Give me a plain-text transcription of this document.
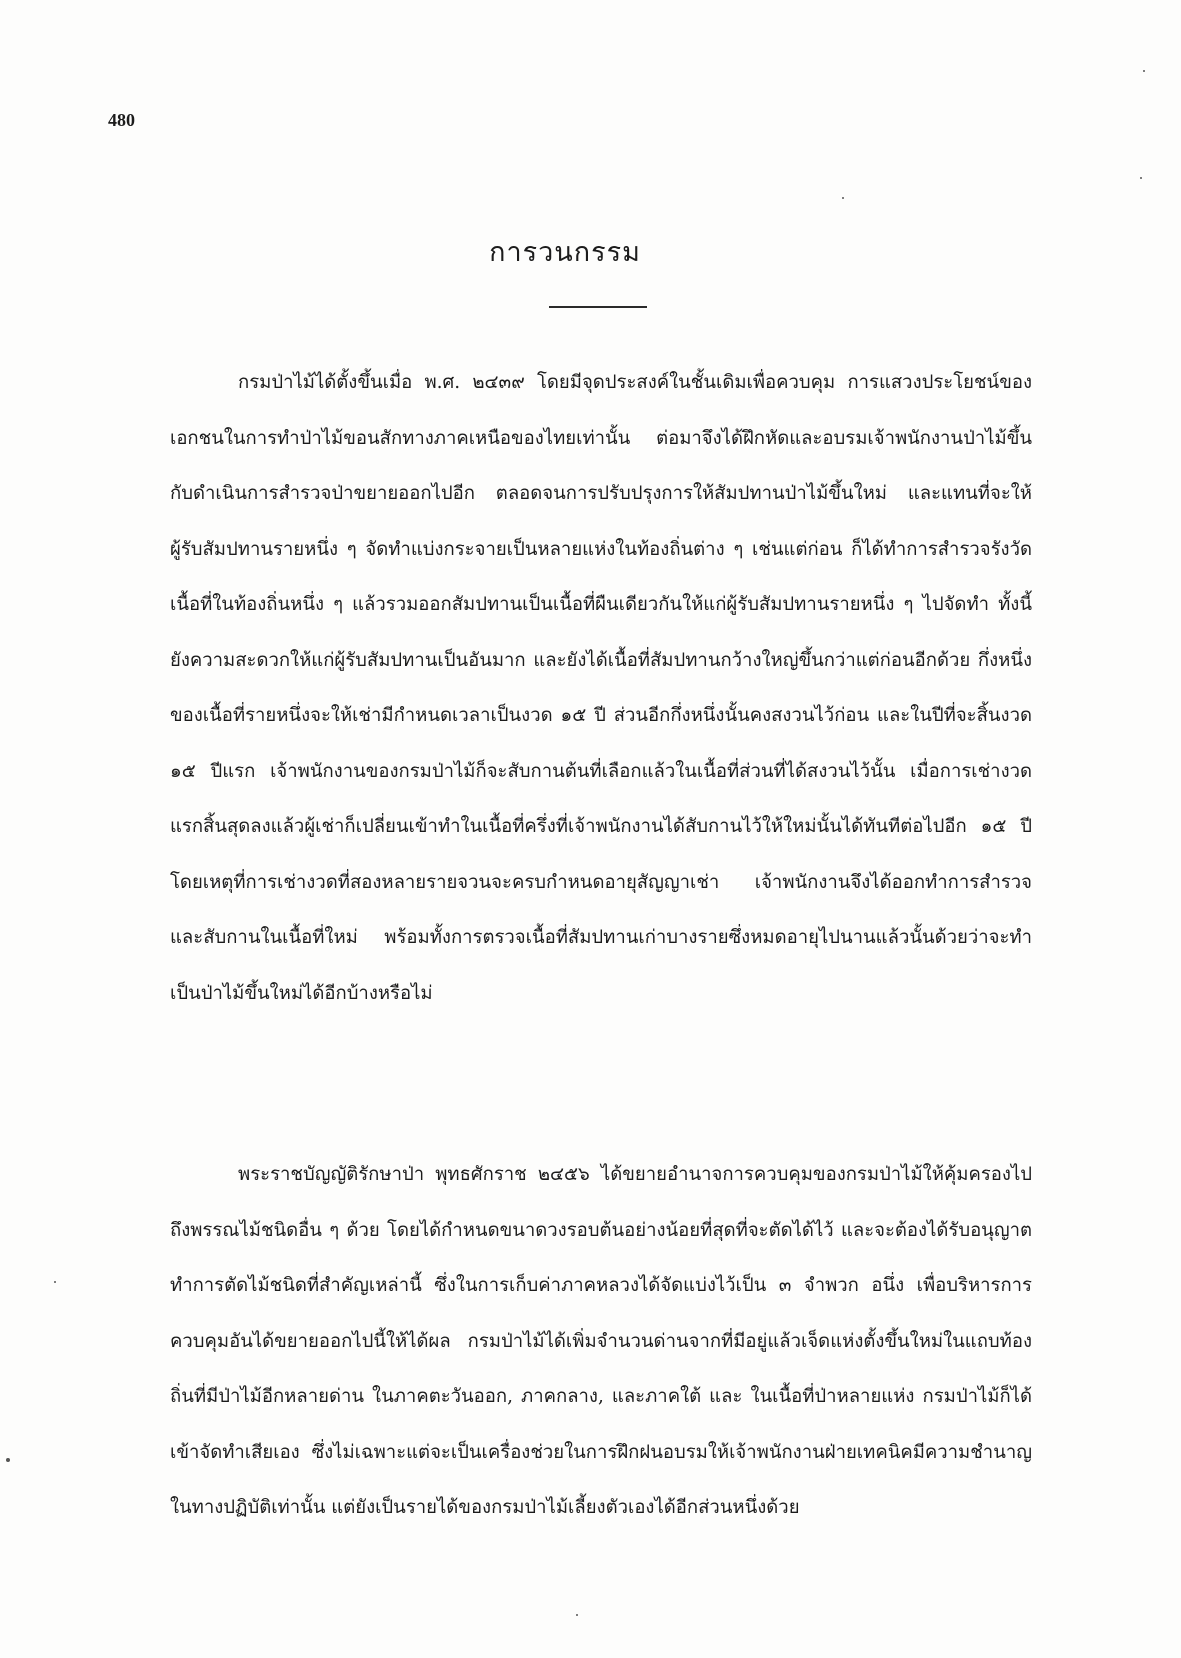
480
การวนกรรม

กรมป่าไม้ได้ตั้งขึ้นเมื่อ พ.ศ. ๒๔๓๙ โดยมีจุดประสงค์ในชั้นเดิมเพื่อควบคุม การแสวงประโยชน์ของเอกชนในการทำป่าไม้ขอนสักทางภาคเหนือของไทยเท่านั้น ต่อมาจึงได้ฝึกหัดและอบรมเจ้าพนักงานป่าไม้ขึ้น กับดำเนินการสำรวจป่าขยายออกไปอีก ตลอดจนการปรับปรุงการให้สัมปทานป่าไม้ขึ้นใหม่ และแทนที่จะให้ผู้รับสัมปทานรายหนึ่ง ๆ จัดทำแบ่งกระจายเป็นหลายแห่งในท้องถิ่นต่าง ๆ เช่นแต่ก่อน ก็ได้ทำการสำรวจรังวัดเนื้อที่ในท้องถิ่นหนึ่ง ๆ แล้วรวมออกสัมปทานเป็นเนื้อที่ผืนเดียวกันให้แก่ผู้รับสัมปทานรายหนึ่ง ๆ ไปจัดทำ ทั้งนี้ ยังความสะดวกให้แก่ผู้รับสัมปทานเป็นอันมาก และยังได้เนื้อที่สัมปทานกว้างใหญ่ขึ้นกว่าแต่ก่อนอีกด้วย กึ่งหนึ่งของเนื้อที่รายหนึ่งจะให้เช่ามีกำหนดเวลาเป็นงวด ๑๕ ปี ส่วนอีกกึ่งหนึ่งนั้นคงสงวนไว้ก่อน และในปีที่จะสิ้นงวด ๑๕ ปีแรก เจ้าพนักงานของกรมป่าไม้ก็จะสับกานต้นที่เลือกแล้วในเนื้อที่ส่วนที่ได้สงวนไว้นั้น เมื่อการเช่างวดแรกสิ้นสุดลงแล้วผู้เช่าก็เปลี่ยนเข้าทำในเนื้อที่ครึ่งที่เจ้าพนักงานได้สับกานไว้ให้ใหม่นั้นได้ทันทีต่อไปอีก ๑๕ ปี โดยเหตุที่การเช่างวดที่สองหลายรายจวนจะครบกำหนดอายุสัญญาเช่า เจ้าพนักงานจึงได้ออกทำการสำรวจและสับกานในเนื้อที่ใหม่ พร้อมทั้งการตรวจเนื้อที่สัมปทานเก่าบางรายซึ่งหมดอายุไปนานแล้วนั้นด้วยว่าจะทำเป็นป่าไม้ขึ้นใหม่ได้อีกบ้างหรือไม่

พระราชบัญญัติรักษาป่า พุทธศักราช ๒๔๕๖ ได้ขยายอำนาจการควบคุมของกรมป่าไม้ให้คุ้มครองไปถึงพรรณไม้ชนิดอื่น ๆ ด้วย โดยได้กำหนดขนาดวงรอบต้นอย่างน้อยที่สุดที่จะตัดได้ไว้ และจะต้องได้รับอนุญาตทำการตัดไม้ชนิดที่สำคัญเหล่านี้ ซึ่งในการเก็บค่าภาคหลวงได้จัดแบ่งไว้เป็น ๓ จำพวก อนึ่ง เพื่อบริหารการควบคุมอันได้ขยายออกไปนี้ให้ได้ผล กรมป่าไม้ได้เพิ่มจำนวนด่านจากที่มีอยู่แล้วเจ็ดแห่งตั้งขึ้นใหม่ในแถบท้องถิ่นที่มีป่าไม้อีกหลายด่าน ในภาคตะวันออก, ภาคกลาง, และภาคใต้ และ ในเนื้อที่ป่าหลายแห่ง กรมป่าไม้ก็ได้เข้าจัดทำเสียเอง ซึ่งไม่เฉพาะแต่จะเป็นเครื่องช่วยในการฝึกฝนอบรมให้เจ้าพนักงานฝ่ายเทคนิคมีความชำนาญในทางปฏิบัติเท่านั้น แต่ยังเป็นรายได้ของกรมป่าไม้เลี้ยงตัวเองได้อีกส่วนหนึ่งด้วย
